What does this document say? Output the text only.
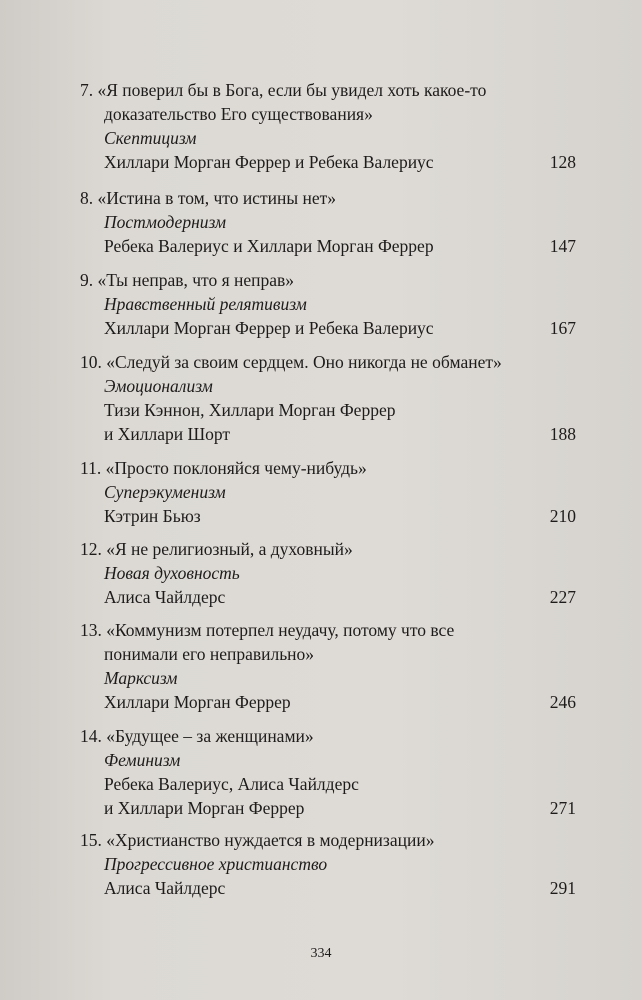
7. «Я поверил бы в Бога, если бы увидел хоть какое-то
доказательство Его существования»
Скептицизм
Хиллари Морган Феррер и Ребека Валериус	128
8. «Истина в том, что истины нет»
Постмодернизм
Ребека Валериус и Хиллари Морган Феррер	147
9. «Ты неправ, что я неправ»
Нравственный релятивизм
Хиллари Морган Феррер и Ребека Валериус	167
10. «Следуй за своим сердцем. Оно никогда не обманет»
Эмоционализм
Тизи Кэннон, Хиллари Морган Феррер
и Хиллари Шорт	188
11. «Просто поклоняйся чему-нибудь»
Суперэкуменизм
Кэтрин Бьюз	210
12. «Я не религиозный, а духовный»
Новая духовность
Алиса Чайлдерс	227
13. «Коммунизм потерпел неудачу, потому что все
понимали его неправильно»
Марксизм
Хиллари Морган Феррер	246
14. «Будущее – за женщинами»
Феминизм
Ребека Валериус, Алиса Чайлдерс
и Хиллари Морган Феррер	271
15. «Христианство нуждается в модернизации»
Прогрессивное христианство
Алиса Чайлдерс	291
334
